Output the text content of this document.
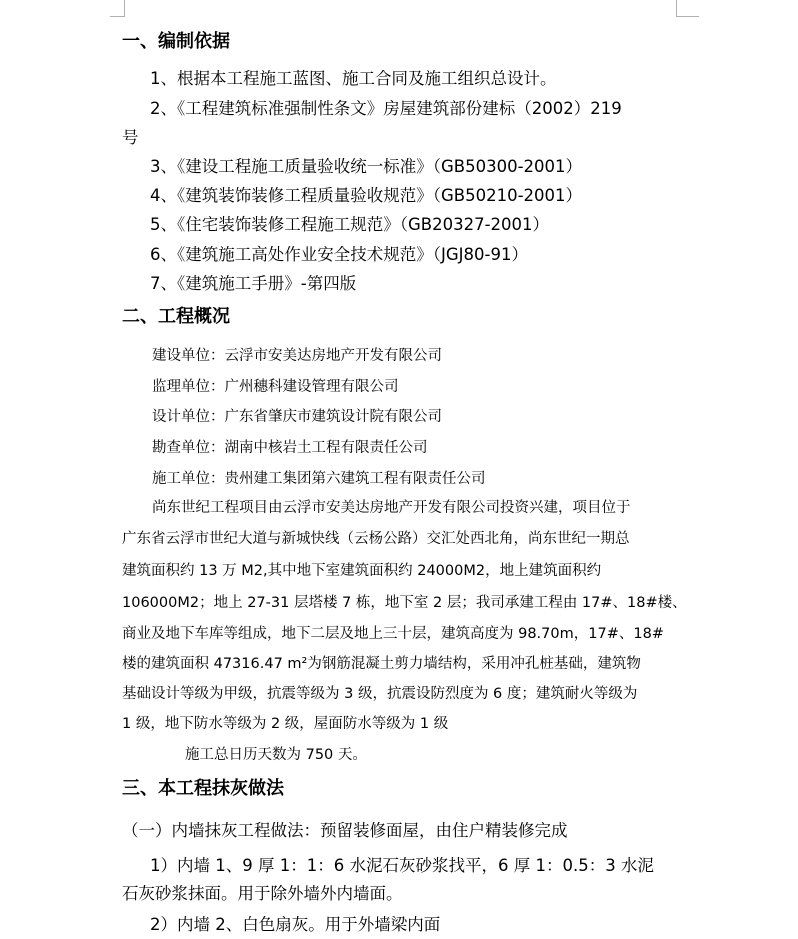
一、编制依据
1、根据本工程施工蓝图、施工合同及施工组织总设计。
2、《工程建筑标准强制性条文》房屋建筑部份建标（2002）219
号
3、《建设工程施工质量验收统一标准》（GB50300-2001）
4、《建筑装饰装修工程质量验收规范》（GB50210-2001）
5、《住宅装饰装修工程施工规范》（GB20327-2001）
6、《建筑施工高处作业安全技术规范》（JGJ80-91）
7、《建筑施工手册》-第四版
二、工程概况
建设单位：云浮市安美达房地产开发有限公司
监理单位：广州穗科建设管理有限公司
设计单位：广东省肇庆市建筑设计院有限公司
勘查单位：湖南中核岩土工程有限责任公司
施工单位：贵州建工集团第六建筑工程有限责任公司
尚东世纪工程项目由云浮市安美达房地产开发有限公司投资兴建，项目位于
广东省云浮市世纪大道与新城快线（云杨公路）交汇处西北角，尚东世纪一期总
建筑面积约 13 万 M2,其中地下室建筑面积约 24000M2，地上建筑面积约
106000M2；地上 27-31 层塔楼 7 栋，地下室 2 层；我司承建工程由 17#、18#楼、
商业及地下车库等组成，地下二层及地上三十层，建筑高度为 98.70m，17#、18#
楼的建筑面积 47316.47 m²为钢筋混凝土剪力墙结构，采用冲孔桩基础，建筑物
基础设计等级为甲级，抗震等级为 3 级，抗震设防烈度为 6 度；建筑耐火等级为
1 级，地下防水等级为 2 级，屋面防水等级为 1 级
施工总日历天数为 750 天。
三、本工程抹灰做法
（一）内墙抹灰工程做法：预留装修面屋，由住户精装修完成
1）内墙 1、9 厚 1：1：6 水泥石灰砂浆找平，6 厚 1：0.5：3 水泥
石灰砂浆抹面。用于除外墙外内墙面。
2）内墙 2、白色扇灰。用于外墙梁内面
